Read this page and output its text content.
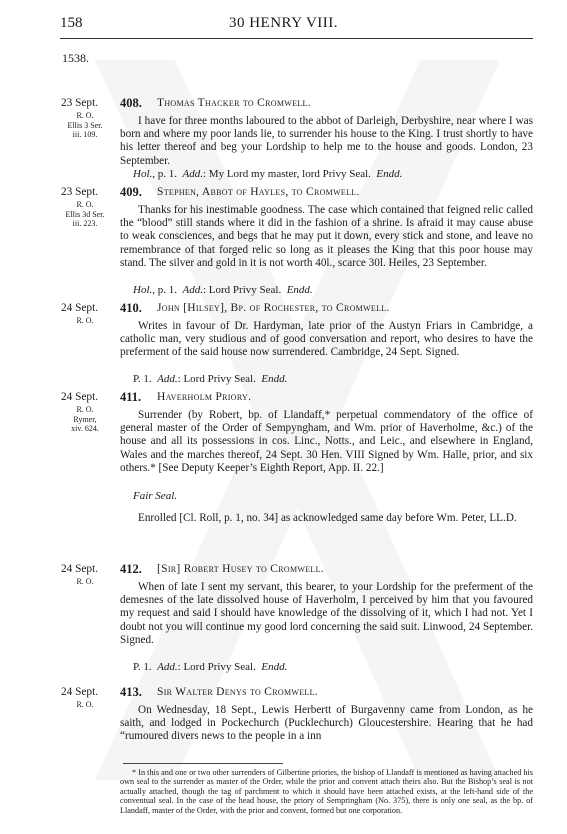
158	30 HENRY VIII.
1538.
23 Sept.
R. O.
Ellis 3 Ser.
iii. 109.
408. Thomas Thacker to Cromwell.

I have for three months laboured to the abbot of Darleigh, Derbyshire, near where I was born and where my poor lands lie, to surrender his house to the King. I trust shortly to have his letter thereof and beg your Lordship to help me to the house and goods. London, 23 September.

Hol., p. 1.  Add.: My Lord my master, lord Privy Seal.  Endd.

23 Sept.
R. O.
Ellis 3d Ser.
iii. 223.
409. Stephen, Abbot of Hayles, to Cromwell.

Thanks for his inestimable goodness. The case which contained that feigned relic called the “blood” still stands where it did in the fashion of a shrine. Is afraid it may cause abuse to weak consciences, and begs that he may put it down, every stick and stone, and leave no remembrance of that forged relic so long as it pleases the King that this poor house may stand. The silver and gold in it is not worth 40l., scarce 30l. Heiles, 23 September.

Hol., p. 1.  Add.: Lord Privy Seal.  Endd.

24 Sept.
R. O.
410. John [Hilsey], Bp. of Rochester, to Cromwell.

Writes in favour of Dr. Hardyman, late prior of the Austyn Friars in Cambridge, a catholic man, very studious and of good conversation and report, who desires to have the preferment of the said house now surrendered. Cambridge, 24 Sept. Signed.

P. 1.  Add.: Lord Privy Seal.  Endd.

24 Sept.
R. O.
Rymer,
xiv. 624.
411. Haverholm Priory.

Surrender (by Robert, bp. of Llandaff,* perpetual commendatory of the office of general master of the Order of Sempyngham, and Wm. prior of Haverholme, &c.) of the house and all its possessions in cos. Linc., Notts., and Leic., and elsewhere in England, Wales and the marches thereof, 24 Sept. 30 Hen. VIII Signed by Wm. Halle, prior, and six others.* [See Deputy Keeper’s Eighth Report, App. II. 22.]

Fair Seal.

Enrolled [Cl. Roll, p. 1, no. 34] as acknowledged same day before Wm. Peter, LL.D.

24 Sept.
R. O.
412. [Sir] Robert Husey to Cromwell.

When of late I sent my servant, this bearer, to your Lordship for the preferment of the demesnes of the late dissolved house of Haverholm, I perceived by him that you favoured my request and said I should have knowledge of the dissolving of it, which I had not. Yet I doubt not you will continue my good lord concerning the said suit. Linwood, 24 September. Signed.

P. 1.  Add.: Lord Privy Seal.  Endd.

24 Sept.
R. O.
413. Sir Walter Denys to Cromwell.

On Wednesday, 18 Sept., Lewis Herbertt of Burgavenny came from London, as he saith, and lodged in Pockechurch (Pucklechurch) Gloucestershire. Hearing that he had “rumoured divers news to the people in a inn

* In this and one or two other surrenders of Gilbertine priories, the bishop of Llandaff is mentioned as having attached his own seal to the surrender as master of the Order, while the prior and convent attach theirs also. But the Bishop’s seal is not actually attached, though the tag of parchment to which it should have been attached exists, at the left-hand side of the conventual seal. In the case of the head house, the priory of Sempringham (No. 375), there is only one seal, as the bp. of Llandaff, master of the Order, with the prior and convent, formed but one corporation.
